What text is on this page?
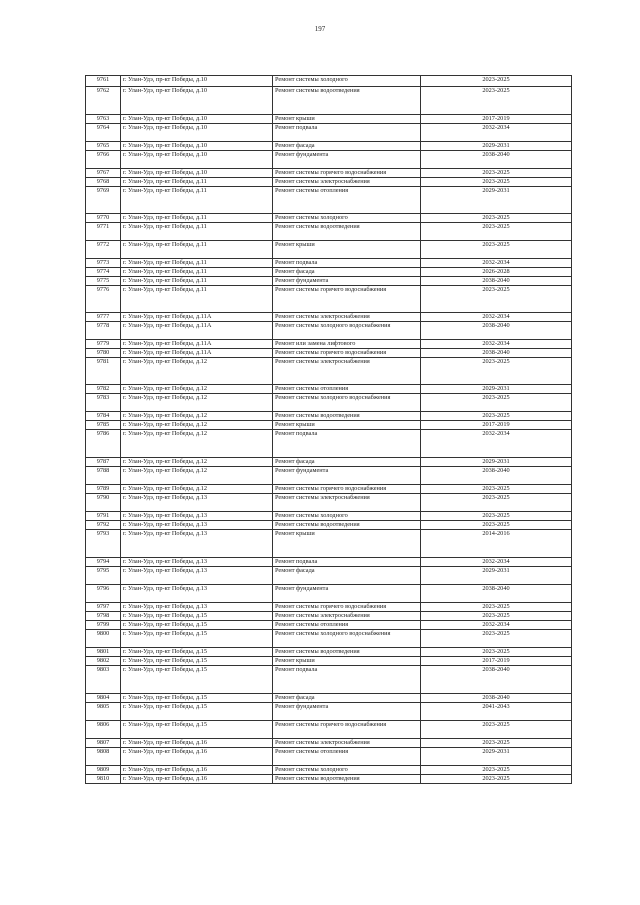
197
9761	г. Улан-Удэ, пр-кт Победы, д.10	Ремонт системы холодного	2023-2025
9762	г. Улан-Удэ, пр-кт Победы, д.10	Ремонт системы водоотведения	2023-2025
9763	г. Улан-Удэ, пр-кт Победы, д.10	Ремонт крыши	2017-2019
9764	г. Улан-Удэ, пр-кт Победы, д.10	Ремонт подвала	2032-2034
9765	г. Улан-Удэ, пр-кт Победы, д.10	Ремонт фасада	2029-2031
9766	г. Улан-Удэ, пр-кт Победы, д.10	Ремонт фундамента	2038-2040
9767	г. Улан-Удэ, пр-кт Победы, д.10	Ремонт системы горячего водоснабжения	2023-2025
9768	г. Улан-Удэ, пр-кт Победы, д.11	Ремонт системы электроснабжения	2023-2025
9769	г. Улан-Удэ, пр-кт Победы, д.11	Ремонт системы отопления	2029-2031
9770	г. Улан-Удэ, пр-кт Победы, д.11	Ремонт системы холодного	2023-2025
9771	г. Улан-Удэ, пр-кт Победы, д.11	Ремонт системы водоотведения	2023-2025
9772	г. Улан-Удэ, пр-кт Победы, д.11	Ремонт крыши	2023-2025
9773	г. Улан-Удэ, пр-кт Победы, д.11	Ремонт подвала	2032-2034
9774	г. Улан-Удэ, пр-кт Победы, д.11	Ремонт фасада	2026-2028
9775	г. Улан-Удэ, пр-кт Победы, д.11	Ремонт фундамента	2038-2040
9776	г. Улан-Удэ, пр-кт Победы, д.11	Ремонт системы горячего водоснабжения	2023-2025
9777	г. Улан-Удэ, пр-кт Победы, д.11А	Ремонт системы электроснабжения	2032-2034
9778	г. Улан-Удэ, пр-кт Победы, д.11А	Ремонт системы холодного водоснабжения	2038-2040
9779	г. Улан-Удэ, пр-кт Победы, д.11А	Ремонт или замена лифтового	2032-2034
9780	г. Улан-Удэ, пр-кт Победы, д.11А	Ремонт системы горячего водоснабжения	2038-2040
9781	г. Улан-Удэ, пр-кт Победы, д.12	Ремонт системы электроснабжения	2023-2025
9782	г. Улан-Удэ, пр-кт Победы, д.12	Ремонт системы отопления	2029-2031
9783	г. Улан-Удэ, пр-кт Победы, д.12	Ремонт системы холодного водоснабжения	2023-2025
9784	г. Улан-Удэ, пр-кт Победы, д.12	Ремонт системы водоотведения	2023-2025
9785	г. Улан-Удэ, пр-кт Победы, д.12	Ремонт крыши	2017-2019
9786	г. Улан-Удэ, пр-кт Победы, д.12	Ремонт подвала	2032-2034
9787	г. Улан-Удэ, пр-кт Победы, д.12	Ремонт фасада	2029-2031
9788	г. Улан-Удэ, пр-кт Победы, д.12	Ремонт фундамента	2038-2040
9789	г. Улан-Удэ, пр-кт Победы, д.12	Ремонт системы горячего водоснабжения	2023-2025
9790	г. Улан-Удэ, пр-кт Победы, д.13	Ремонт системы электроснабжения	2023-2025
9791	г. Улан-Удэ, пр-кт Победы, д.13	Ремонт системы холодного	2023-2025
9792	г. Улан-Удэ, пр-кт Победы, д.13	Ремонт системы водоотведения	2023-2025
9793	г. Улан-Удэ, пр-кт Победы, д.13	Ремонт крыши	2014-2016
9794	г. Улан-Удэ, пр-кт Победы, д.13	Ремонт подвала	2032-2034
9795	г. Улан-Удэ, пр-кт Победы, д.13	Ремонт фасада	2029-2031
9796	г. Улан-Удэ, пр-кт Победы, д.13	Ремонт фундамента	2038-2040
9797	г. Улан-Удэ, пр-кт Победы, д.13	Ремонт системы горячего водоснабжения	2023-2025
9798	г. Улан-Удэ, пр-кт Победы, д.15	Ремонт системы электроснабжения	2023-2025
9799	г. Улан-Удэ, пр-кт Победы, д.15	Ремонт системы отопления	2032-2034
9800	г. Улан-Удэ, пр-кт Победы, д.15	Ремонт системы холодного водоснабжения	2023-2025
9801	г. Улан-Удэ, пр-кт Победы, д.15	Ремонт системы водоотведения	2023-2025
9802	г. Улан-Удэ, пр-кт Победы, д.15	Ремонт крыши	2017-2019
9803	г. Улан-Удэ, пр-кт Победы, д.15	Ремонт подвала	2038-2040
9804	г. Улан-Удэ, пр-кт Победы, д.15	Ремонт фасада	2038-2040
9805	г. Улан-Удэ, пр-кт Победы, д.15	Ремонт фундамента	2041-2043
9806	г. Улан-Удэ, пр-кт Победы, д.15	Ремонт системы горячего водоснабжения	2023-2025
9807	г. Улан-Удэ, пр-кт Победы, д.16	Ремонт системы электроснабжения	2023-2025
9808	г. Улан-Удэ, пр-кт Победы, д.16	Ремонт системы отопления	2029-2031
9809	г. Улан-Удэ, пр-кт Победы, д.16	Ремонт системы холодного	2023-2025
9810	г. Улан-Удэ, пр-кт Победы, д.16	Ремонт системы водоотведения	2023-2025
